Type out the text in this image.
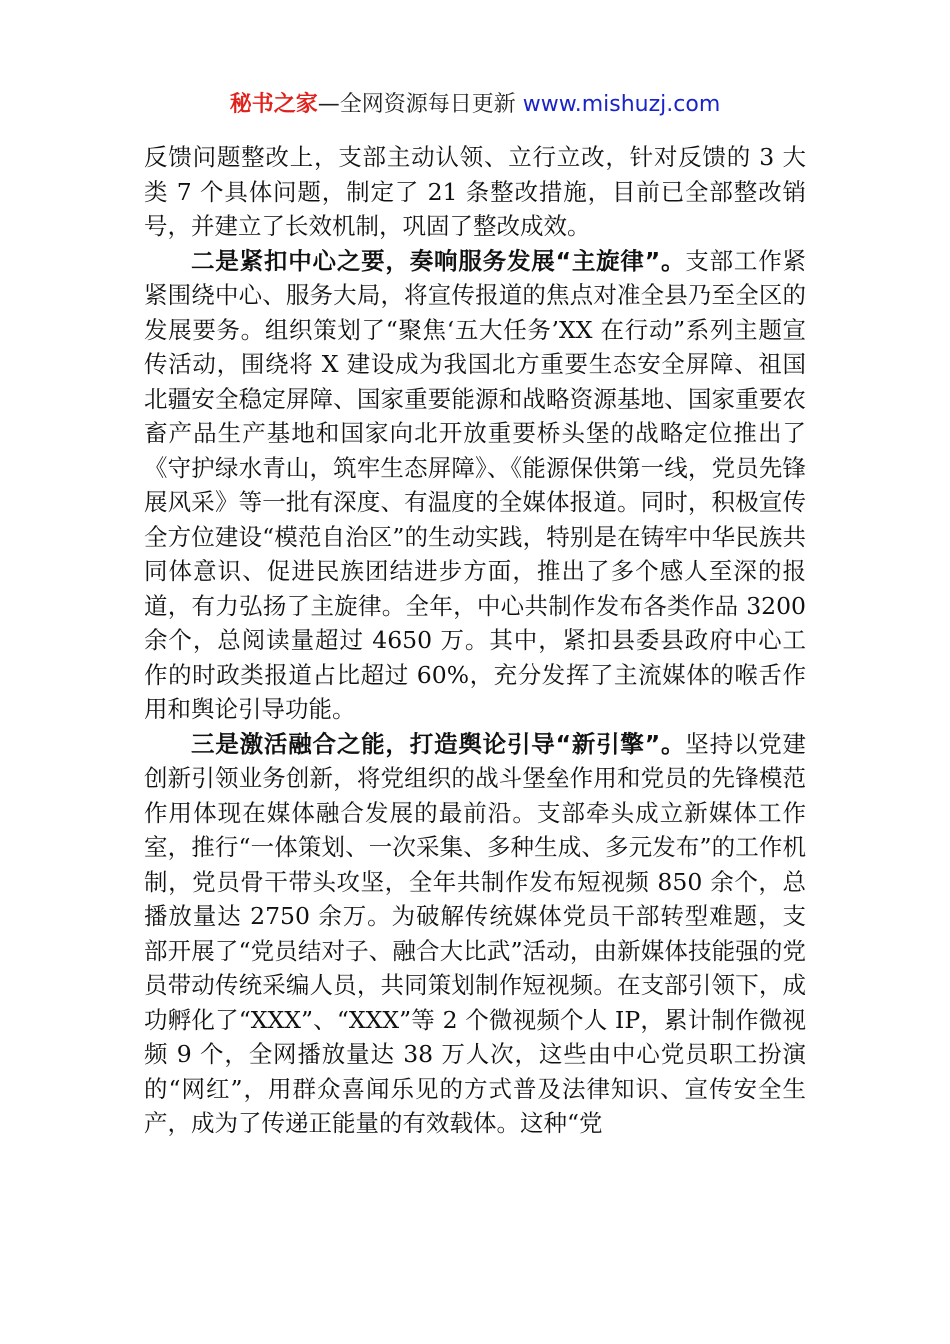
秘书之家—全网资源每日更新 www.mishuzj.com

反馈问题整改上，支部主动认领、立行立改，针对反馈的 3 大类 7 个具体问题，制定了 21 条整改措施，目前已全部整改销号，并建立了长效机制，巩固了整改成效。

二是紧扣中心之要，奏响服务发展“主旋律”。支部工作紧紧围绕中心、服务大局，将宣传报道的焦点对准全县乃至全区的发展要务。组织策划了“聚焦‘五大任务’XX 在行动”系列主题宣传活动，围绕将 X 建设成为我国北方重要生态安全屏障、祖国北疆安全稳定屏障、国家重要能源和战略资源基地、国家重要农畜产品生产基地和国家向北开放重要桥头堡的战略定位推出了《守护绿水青山，筑牢生态屏障》、《能源保供第一线，党员先锋展风采》等一批有深度、有温度的全媒体报道。同时，积极宣传全方位建设“模范自治区”的生动实践，特别是在铸牢中华民族共同体意识、促进民族团结进步方面，推出了多个感人至深的报道，有力弘扬了主旋律。全年，中心共制作发布各类作品 3200 余个，总阅读量超过 4650 万。其中，紧扣县委县政府中心工作的时政类报道占比超过 60%，充分发挥了主流媒体的喉舌作用和舆论引导功能。

三是激活融合之能，打造舆论引导“新引擎”。坚持以党建创新引领业务创新，将党组织的战斗堡垒作用和党员的先锋模范作用体现在媒体融合发展的最前沿。支部牵头成立新媒体工作室，推行“一体策划、一次采集、多种生成、多元发布”的工作机制，党员骨干带头攻坚，全年共制作发布短视频 850 余个，总播放量达 2750 余万。为破解传统媒体党员干部转型难题，支部开展了“党员结对子、融合大比武”活动，由新媒体技能强的党员带动传统采编人员，共同策划制作短视频。在支部引领下，成功孵化了“XXX”、“XXX”等 2 个微视频个人 IP，累计制作微视频 9 个，全网播放量达 38 万人次，这些由中心党员职工扮演的“网红”，用群众喜闻乐见的方式普及法律知识、宣传安全生产，成为了传递正能量的有效载体。这种“党
